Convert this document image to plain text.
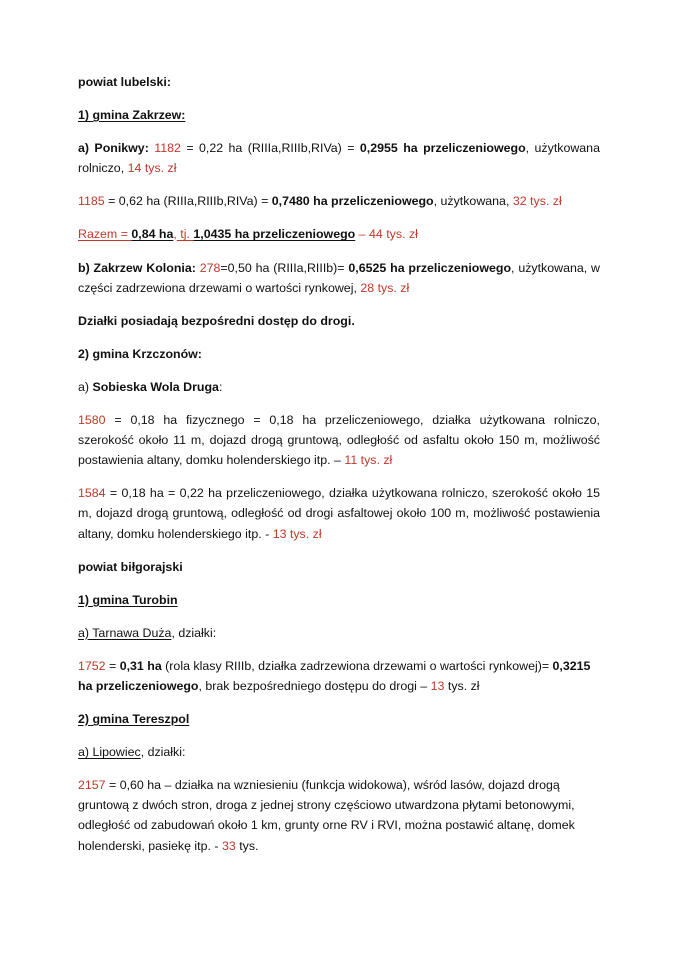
powiat lubelski:

1) gmina Zakrzew:

a) Ponikwy: 1182 = 0,22 ha (RIIIa,RIIIb,RIVa) = 0,2955 ha przeliczeniowego, użytkowana rolniczo, 14 tys. zł

1185 = 0,62 ha (RIIIa,RIIIb,RIVa) = 0,7480 ha przeliczeniowego, użytkowana, 32 tys. zł

Razem = 0,84 ha, tj. 1,0435 ha przeliczeniowego – 44 tys. zł

b) Zakrzew Kolonia: 278=0,50 ha (RIIIa,RIIIb)= 0,6525 ha przeliczeniowego, użytkowana, w części zadrzewiona drzewami o wartości rynkowej, 28 tys. zł

Działki posiadają bezpośredni dostęp do drogi.

2) gmina Krzczonów:

a) Sobieska Wola Druga:

1580 = 0,18 ha fizycznego = 0,18 ha przeliczeniowego, działka użytkowana rolniczo, szerokość około 11 m, dojazd drogą gruntową, odległość od asfaltu około 150 m, możliwość postawienia altany, domku holenderskiego itp. – 11 tys. zł

1584 = 0,18 ha = 0,22 ha przeliczeniowego, działka użytkowana rolniczo, szerokość około 15 m, dojazd drogą gruntową, odległość od drogi asfaltowej około 100 m, możliwość postawienia altany, domku holenderskiego itp. - 13 tys. zł

powiat biłgorajski

1) gmina Turobin

a) Tarnawa Duża, działki:

1752 = 0,31 ha (rola klasy RIIIb, działka zadrzewiona drzewami o wartości rynkowej)= 0,3215 ha przeliczeniowego, brak bezpośredniego dostępu do drogi – 13 tys. zł

2) gmina Tereszpol

a) Lipowiec, działki:

2157 = 0,60 ha – działka na wzniesieniu (funkcja widokowa), wśród lasów, dojazd drogą gruntową z dwóch stron, droga z jednej strony częściowo utwardzona płytami betonowymi, odległość od zabudowań około 1 km, grunty orne RV i RVI, można postawić altanę, domek holenderski, pasiekę itp. - 33 tys.
